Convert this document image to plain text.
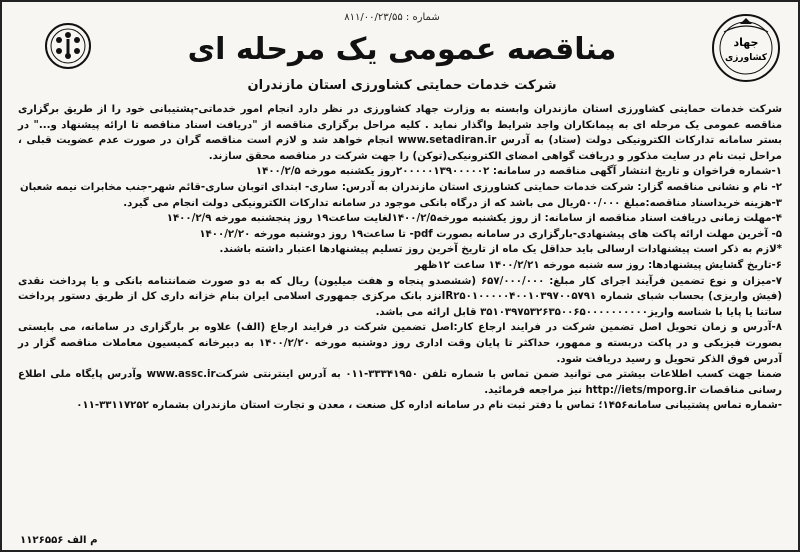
شماره : ۸۱۱/۰۰/۲۳/۵۵
جهاد
کشاورزی
مناقصه عمومی یک مرحله ای
شرکت خدمات حمایتی کشاورزی استان مازندران

شرکت خدمات حمایتی کشاورزی استان مازندران وابسته به وزارت جهاد کشاورزی در نظر دارد انجام امور خدماتی-پشتیبانی خود را از طریق برگزاری مناقصه عمومی یک مرحله ای به پیمانکاران واجد شرایط واگذار نماید . کلیه مراحل برگزاری مناقصه از "دریافت اسناد مناقصه تا ارائه پیشنهاد و..." در بستر سامانه تدارکات الکترونیکی دولت (ستاد) به آدرس www.setadiran.ir انجام خواهد شد و لازم است مناقصه گران در صورت عدم عضویت قبلی ، مراحل ثبت نام در سایت مذکور و دریافت گواهی امضای الکترونیکی(توکن) را جهت شرکت در مناقصه محقق سازند.

۱-شماره فراخوان و تاریخ انتشار آگهی مناقصه در سامانه: ۲۰۰۰۰۰۱۳۹۰۰۰۰۰۲روز یکشنبه مورخه ۱۴۰۰/۲/۵

۲- نام و نشانی مناقصه گزار: شرکت خدمات حمایتی کشاورزی استان مازندران به آدرس: ساری- ابتدای اتوبان ساری-قائم شهر-جنب مخابرات نیمه شعبان

۳-هزینه خریداسناد مناقصه:مبلغ ۵۰۰/۰۰۰ریال می باشد که از درگاه بانکی موجود در سامانه تدارکات الکترونیکی دولت انجام می گیرد.

۴-مهلت زمانی دریافت اسناد مناقصه از سامانه: از روز یکشنبه مورخه۱۴۰۰/۲/۵لغایت ساعت۱۹ روز پنجشنبه مورخه ۱۴۰۰/۲/۹

۵- آخرین مهلت ارائه پاکت های پیشنهادی-بارگزاری در سامانه بصورت pdf- تا ساعت۱۹ روز دوشنبه مورخه ۱۴۰۰/۲/۲۰

*لازم به ذکر است پیشنهادات ارسالی باید حداقل یک ماه از تاریخ آخرین روز تسلیم پیشنهادها اعتبار داشته باشند.

۶-تاریخ گشایش پیشنهادها: روز سه شنبه مورخه ۱۴۰۰/۲/۲۱ ساعت ۱۲ظهر

۷-میزان و نوع تضمین فرآیند اجرای کار مبلغ: ۶۵۷/۰۰۰/۰۰۰ (ششصدو پنجاه و هفت میلیون) ریال که به دو صورت ضمانتنامه بانکی و یا پرداخت نقدی (فیش واریزی) بحساب شبای شماره IR۲۵۰۱۰۰۰۰۰۴۰۰۱۰۳۹۷۰۰۵۷۹۱نزد بانک مرکزی جمهوری اسلامی ایران بنام خزانه داری کل از طریق دستور پرداخت ساتنا یا پایا با شناسه واریز۳۵۱۰۳۹۷۵۳۲۶۳۵۰۰۶۵۰۰۰۰۰۰۰۰۰۰ قابل ارائه می باشد.

۸-آدرس و زمان تحویل اصل تضمین شرکت در فرایند ارجاع کار:اصل تضمین شرکت در فرایند ارجاع (الف) علاوه بر بارگزاری در سامانه، می بایستی بصورت فیزیکی و در پاکت دربسته و ممهور، حداکثر تا پایان وقت اداری روز دوشنبه مورخه ۱۴۰۰/۲/۲۰ به دبیرخانه کمیسیون معاملات مناقصه گزار در آدرس فوق الذکر تحویل و رسید دریافت شود.

ضمنا جهت کسب اطلاعات بیشتر می توانید ضمن تماس با شماره تلفن ۳۳۳۴۱۹۵۰-۰۱۱ به آدرس اینترنتی شرکتwww.assc.ir وآدرس پایگاه ملی اطلاع رسانی مناقصات http://iets/mporg.ir نیز مراجعه فرمائید.

-شماره تماس پشتیبانی سامانه۱۴۵۶؛ تماس با دفتر ثبت نام در سامانه اداره کل صنعت ، معدن و تجارت استان مازندران بشماره ۳۳۱۱۷۲۵۲-۰۱۱

م الف ۱۱۲۶۵۵۶
